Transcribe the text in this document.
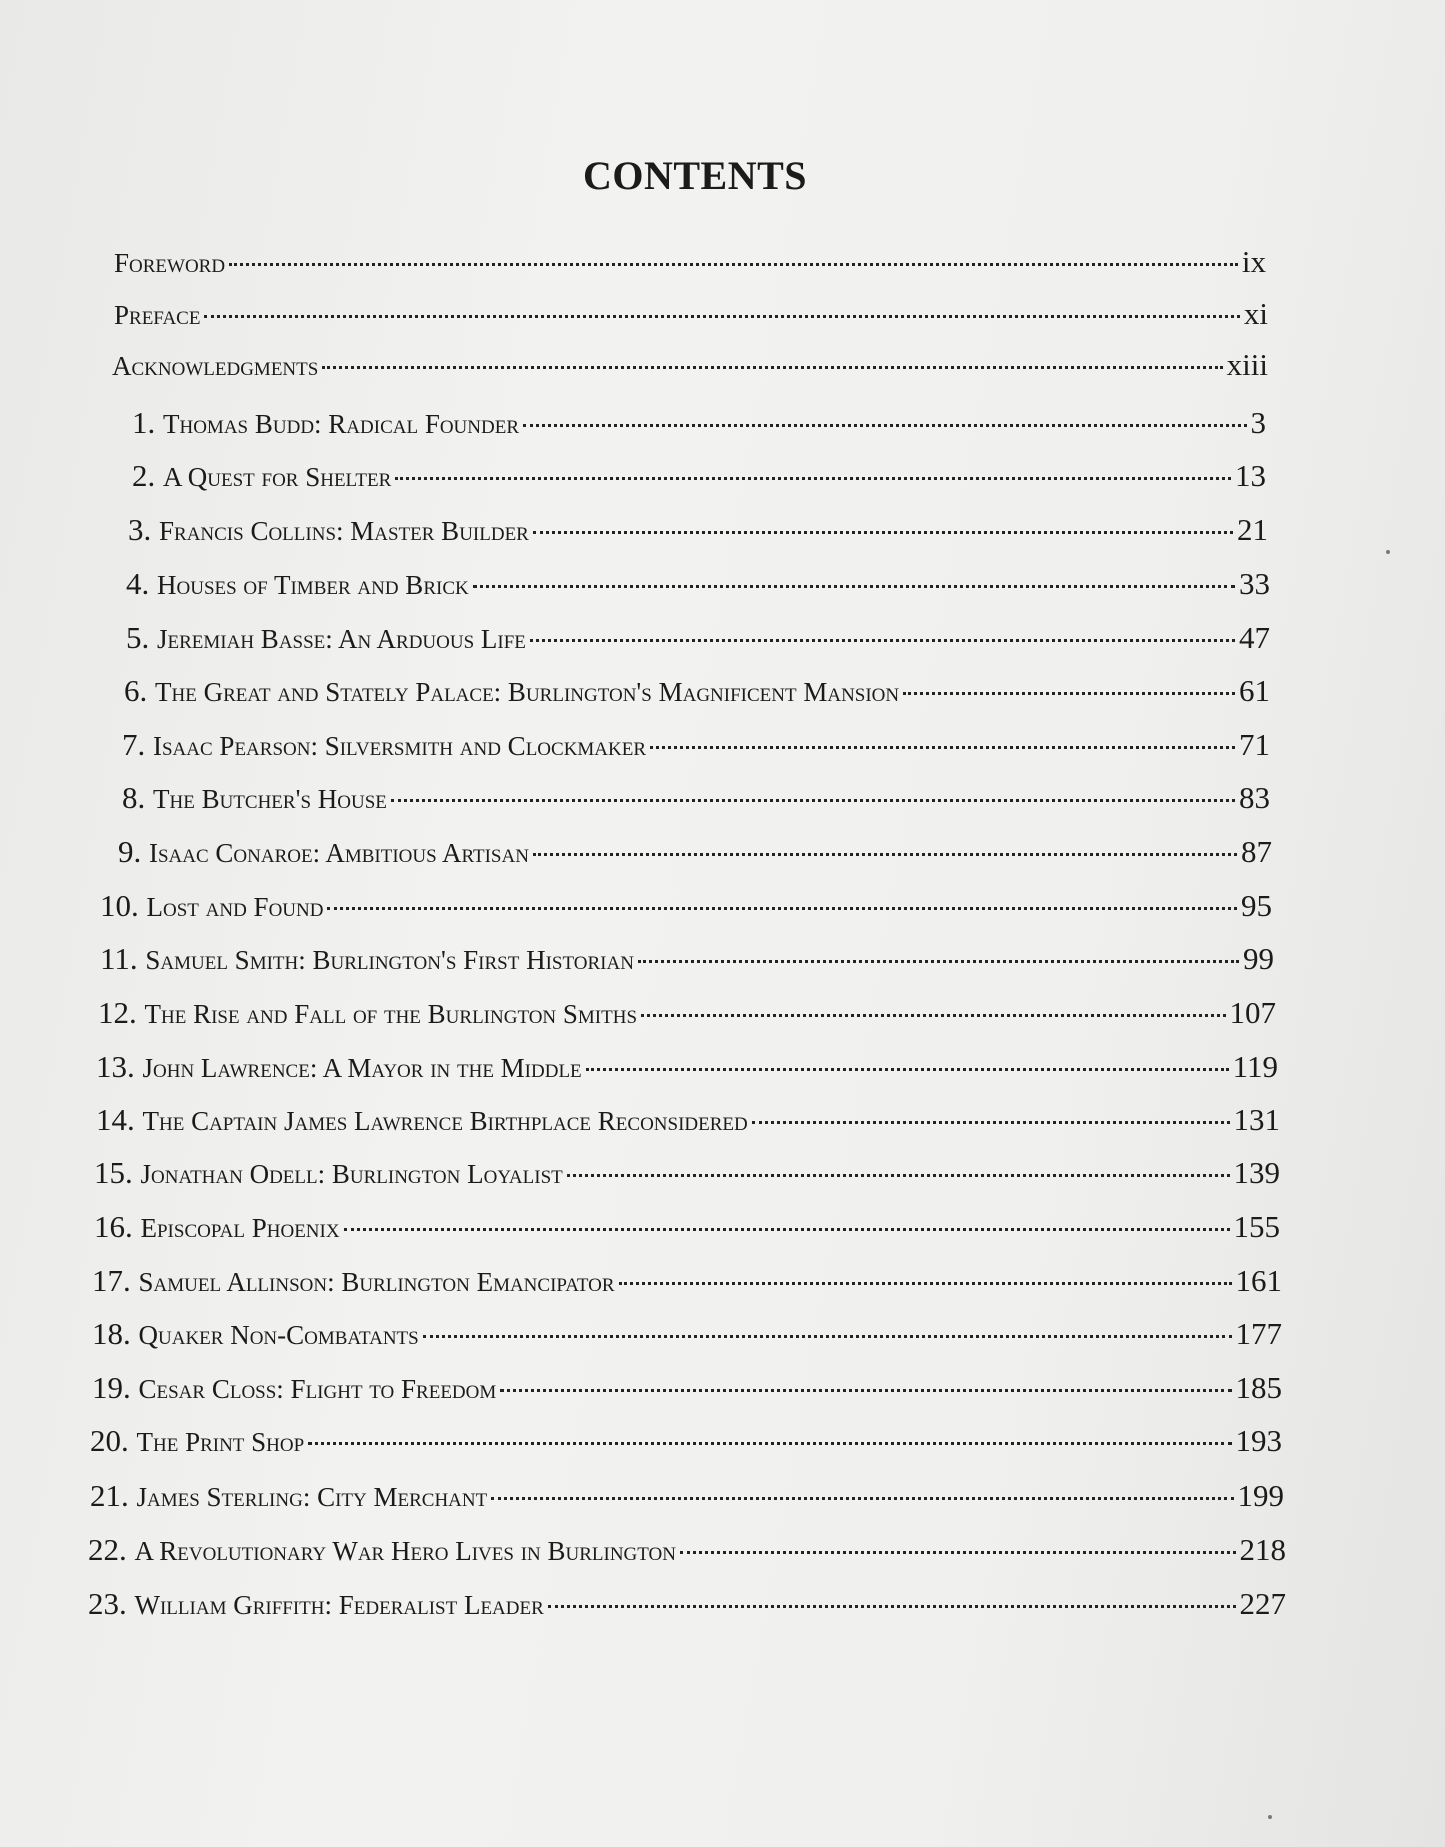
CONTENTS
Foreword	ix
Preface	xi
Acknowledgments	xiii
1. Thomas Budd: Radical Founder	3
2. A Quest for Shelter	13
3. Francis Collins: Master Builder	21
4. Houses of Timber and Brick	33
5. Jeremiah Basse: An Arduous Life	47
6. The Great and Stately Palace: Burlington's Magnificent Mansion	61
7. Isaac Pearson: Silversmith and Clockmaker	71
8. The Butcher's House	83
9. Isaac Conaroe: Ambitious Artisan	87
10. Lost and Found	95
11. Samuel Smith: Burlington's First Historian	99
12. The Rise and Fall of the Burlington Smiths	107
13. John Lawrence: A Mayor in the Middle	119
14. The Captain James Lawrence Birthplace Reconsidered	131
15. Jonathan Odell: Burlington Loyalist	139
16. Episcopal Phoenix	155
17. Samuel Allinson: Burlington Emancipator	161
18. Quaker Non-Combatants	177
19. Cesar Closs: Flight to Freedom	185
20. The Print Shop	193
21. James Sterling: City Merchant	199
22. A Revolutionary War Hero Lives in Burlington	218
23. William Griffith: Federalist Leader	227
